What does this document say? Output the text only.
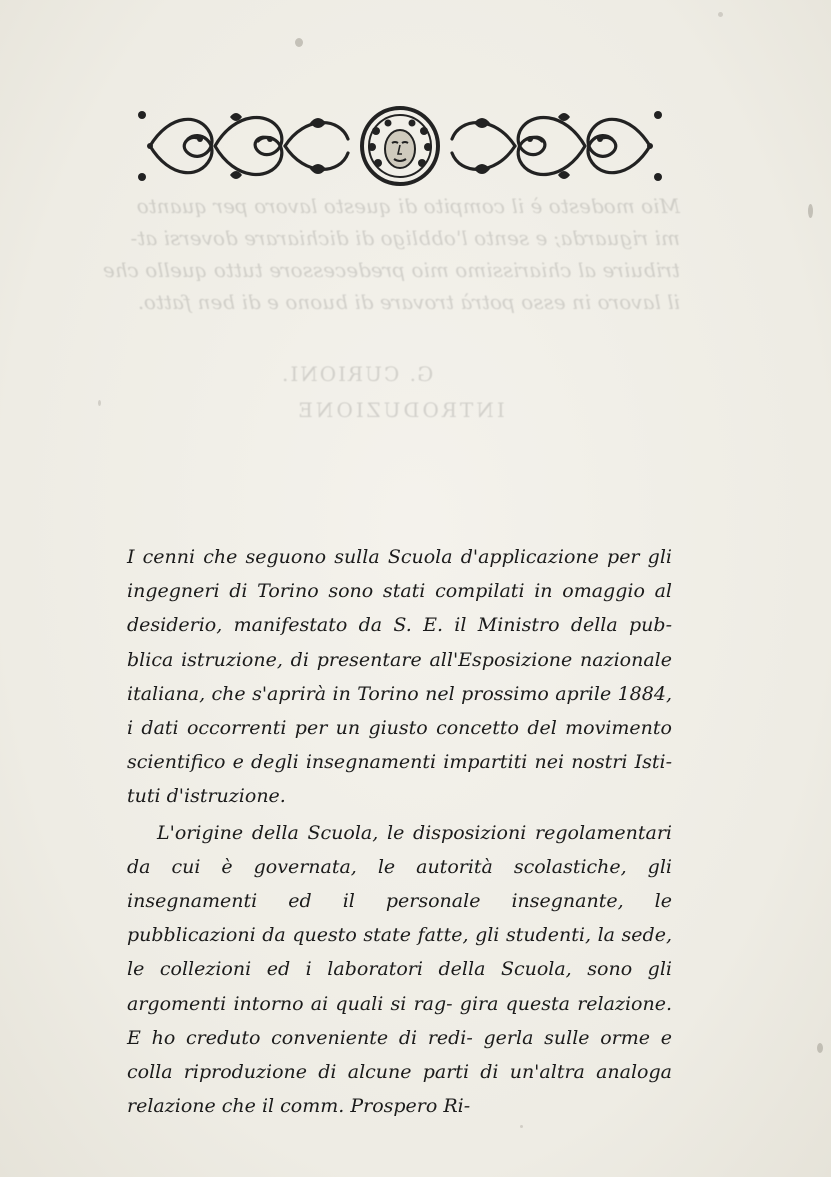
Mio modesto è il compito di questo lavoro per quanto
mi riguarda; e sento l'obbligo di dichiarare doversi at-
tribuire al chiarissimo mio predecessore tutto quello che
il lavoro in esso potrà trovare di buono e di ben fatto.
G. CURIONI.
INTRODUZIONE

I cenni che seguono sulla Scuola d'applicazione per gli ingegneri di Torino sono stati compilati in omaggio al desiderio, manifestato da S. E. il Ministro della pub- blica istruzione, di presentare all'Esposizione nazionale italiana, che s'aprirà in Torino nel prossimo aprile 1884, i dati occorrenti per un giusto concetto del movimento scientifico e degli insegnamenti impartiti nei nostri Isti- tuti d'istruzione.

L'origine della Scuola, le disposizioni regolamentari da cui è governata, le autorità scolastiche, gli insegnamenti ed il personale insegnante, le pubblicazioni da questo state fatte, gli studenti, la sede, le collezioni ed i laboratori della Scuola, sono gli argomenti intorno ai quali si rag- gira questa relazione. E ho creduto conveniente di redi- gerla sulle orme e colla riproduzione di alcune parti di un'altra analoga relazione che il comm. Prospero Ri-
